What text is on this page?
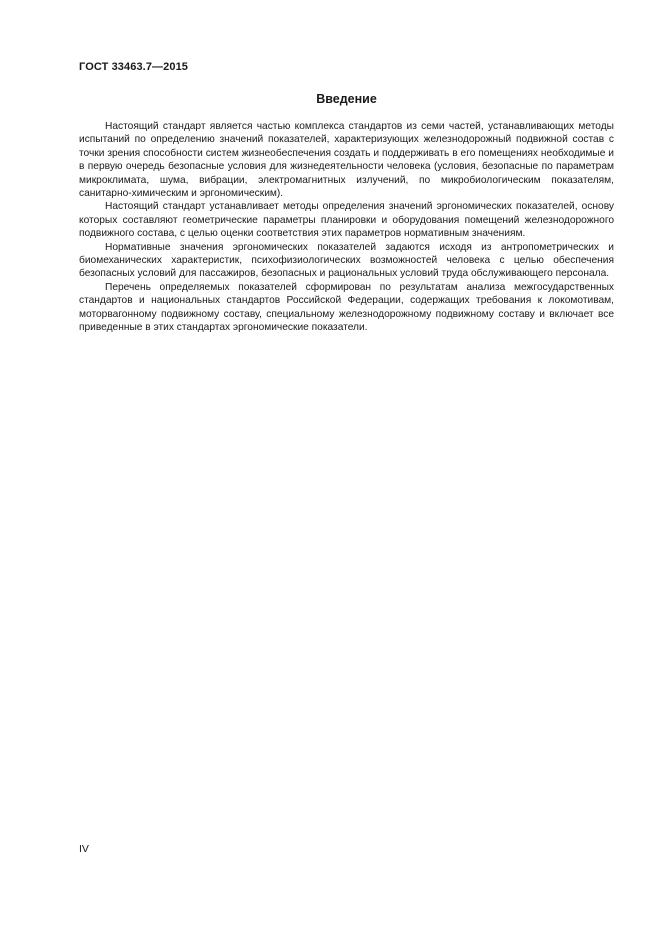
ГОСТ 33463.7—2015
Введение

Настоящий стандарт является частью комплекса стандартов из семи частей, устанавливающих методы испытаний по определению значений показателей, характеризующих железнодорожный подвижной состав с точки зрения способности систем жизнеобеспечения создать и поддерживать в его помещениях необходимые и в первую очередь безопасные условия для жизнедеятельности человека (условия, безопасные по параметрам микроклимата, шума, вибрации, электромагнитных излучений, по микробиологическим показателям, санитарно-химическим и эргономическим).

Настоящий стандарт устанавливает методы определения значений эргономических показателей, основу которых составляют геометрические параметры планировки и оборудования помещений железнодорожного подвижного состава, с целью оценки соответствия этих параметров нормативным значениям.

Нормативные значения эргономических показателей задаются исходя из антропометрических и биомеханических характеристик, психофизиологических возможностей человека с целью обеспечения безопасных условий для пассажиров, безопасных и рациональных условий труда обслуживающего персонала.

Перечень определяемых показателей сформирован по результатам анализа межгосударственных стандартов и национальных стандартов Российской Федерации, содержащих требования к локомотивам, моторвагонному подвижному составу, специальному железнодорожному подвижному составу и включает все приведенные в этих стандартах эргономические показатели.

IV
